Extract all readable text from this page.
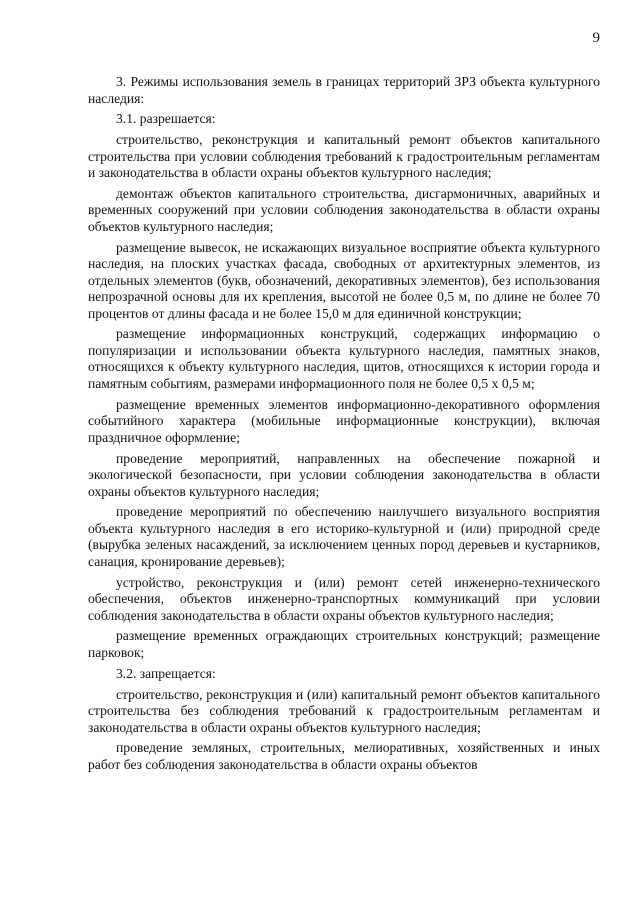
9

3. Режимы использования земель в границах территорий ЗРЗ объекта культурного наследия:

3.1. разрешается:

строительство, реконструкция и капитальный ремонт объектов капитального строительства при условии соблюдения требований к градостроительным регламентам и законодательства в области охраны объектов культурного наследия;

демонтаж объектов капитального строительства, дисгармоничных, аварийных и временных сооружений при условии соблюдения законодательства в области охраны объектов культурного наследия;

размещение вывесок, не искажающих визуальное восприятие объекта культурного наследия, на плоских участках фасада, свободных от архитектурных элементов, из отдельных элементов (букв, обозначений, декоративных элементов), без использования непрозрачной основы для их крепления, высотой не более 0,5 м, по длине не более 70 процентов от длины фасада и не более 15,0 м для единичной конструкции;

размещение информационных конструкций, содержащих информацию о популяризации и использовании объекта культурного наследия, памятных знаков, относящихся к объекту культурного наследия, щитов, относящихся к истории города и памятным событиям, размерами информационного поля не более 0,5 x 0,5 м;

размещение временных элементов информационно-декоративного оформления событийного характера (мобильные информационные конструкции), включая праздничное оформление;

проведение мероприятий, направленных на обеспечение пожарной и экологической безопасности, при условии соблюдения законодательства в области охраны объектов культурного наследия;

проведение мероприятий по обеспечению наилучшего визуального восприятия объекта культурного наследия в его историко-культурной и (или) природной среде (вырубка зеленых насаждений, за исключением ценных пород деревьев и кустарников, санация, кронирование деревьев);

устройство, реконструкция и (или) ремонт сетей инженерно-технического обеспечения, объектов инженерно-транспортных коммуникаций при условии соблюдения законодательства в области охраны объектов культурного наследия;

размещение временных ограждающих строительных конструкций; размещение парковок;

3.2. запрещается:

строительство, реконструкция и (или) капитальный ремонт объектов капитального строительства без соблюдения требований к градостроительным регламентам и законодательства в области охраны объектов культурного наследия;

проведение земляных, строительных, мелиоративных, хозяйственных и иных работ без соблюдения законодательства в области охраны объектов
